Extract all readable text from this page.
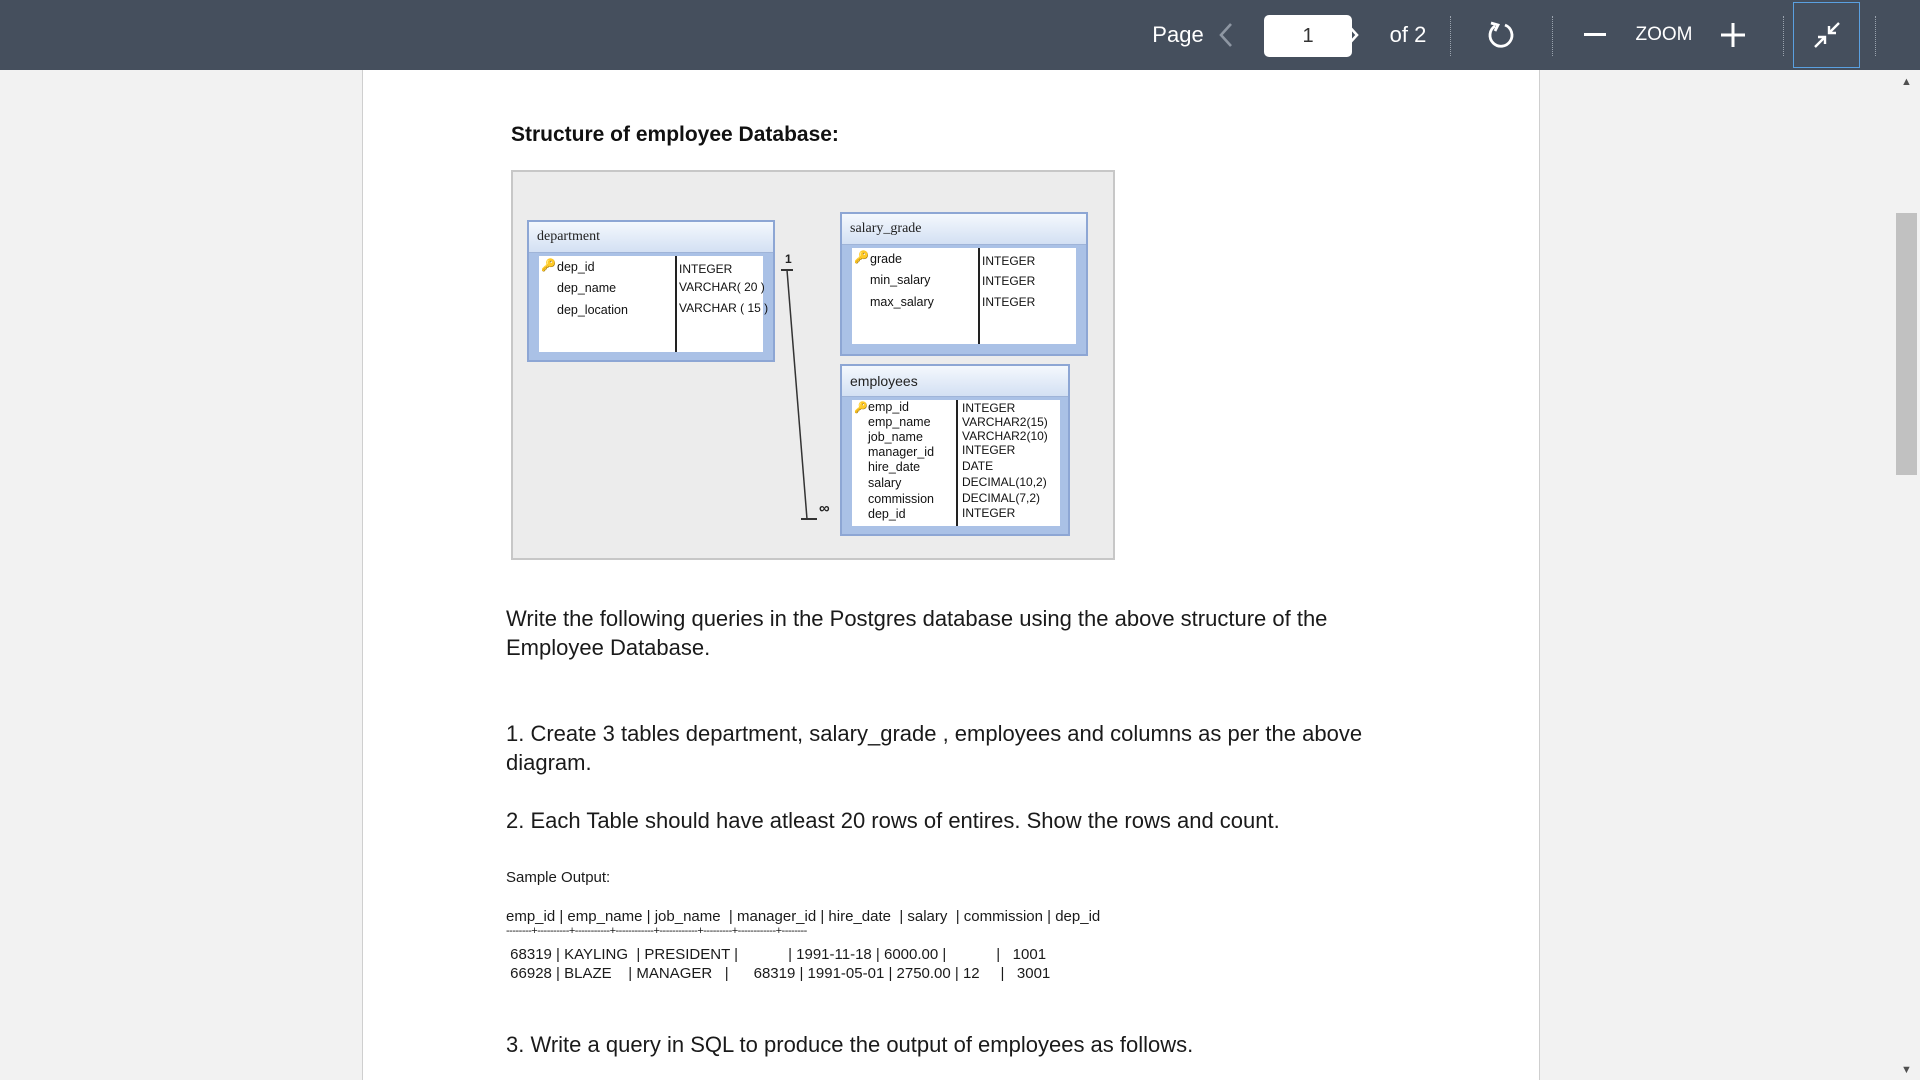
Page
1	of 2	ZOOM
Structure of employee Database:
department
🔑 dep_id
dep_name
dep_location
INTEGER
VARCHAR( 20 )
VARCHAR ( 15 )
salary_grade
🔑 grade
min_salary
max_salary
INTEGER
INTEGER
INTEGER
employees
🔑 emp_id
emp_name
job_name
manager_id
hire_date
salary
commission
dep_id
INTEGER
VARCHAR2(15)
VARCHAR2(10)
INTEGER
DATE
DECIMAL(10,2)
DECIMAL(7,2)
INTEGER
1
∞
Write the following queries in the Postgres database using the above structure of the Employee Database.
1. Create 3 tables department, salary_grade , employees and columns as per the above diagram.
2. Each Table should have atleast 20 rows of entires. Show the rows and count.
Sample Output:
emp_id | emp_name | job_name  | manager_id | hire_date  | salary  | commission | dep_id
--------+----------+-----------+------------+------------+---------+------------+--------
68319 | KAYLING  | PRESIDENT |            | 1991-11-18 | 6000.00 |            |   1001
66928 | BLAZE    | MANAGER   |      68319 | 1991-05-01 | 2750.00 | 12     |   3001
3. Write a query in SQL to produce the output of employees as follows.
▲
▼
